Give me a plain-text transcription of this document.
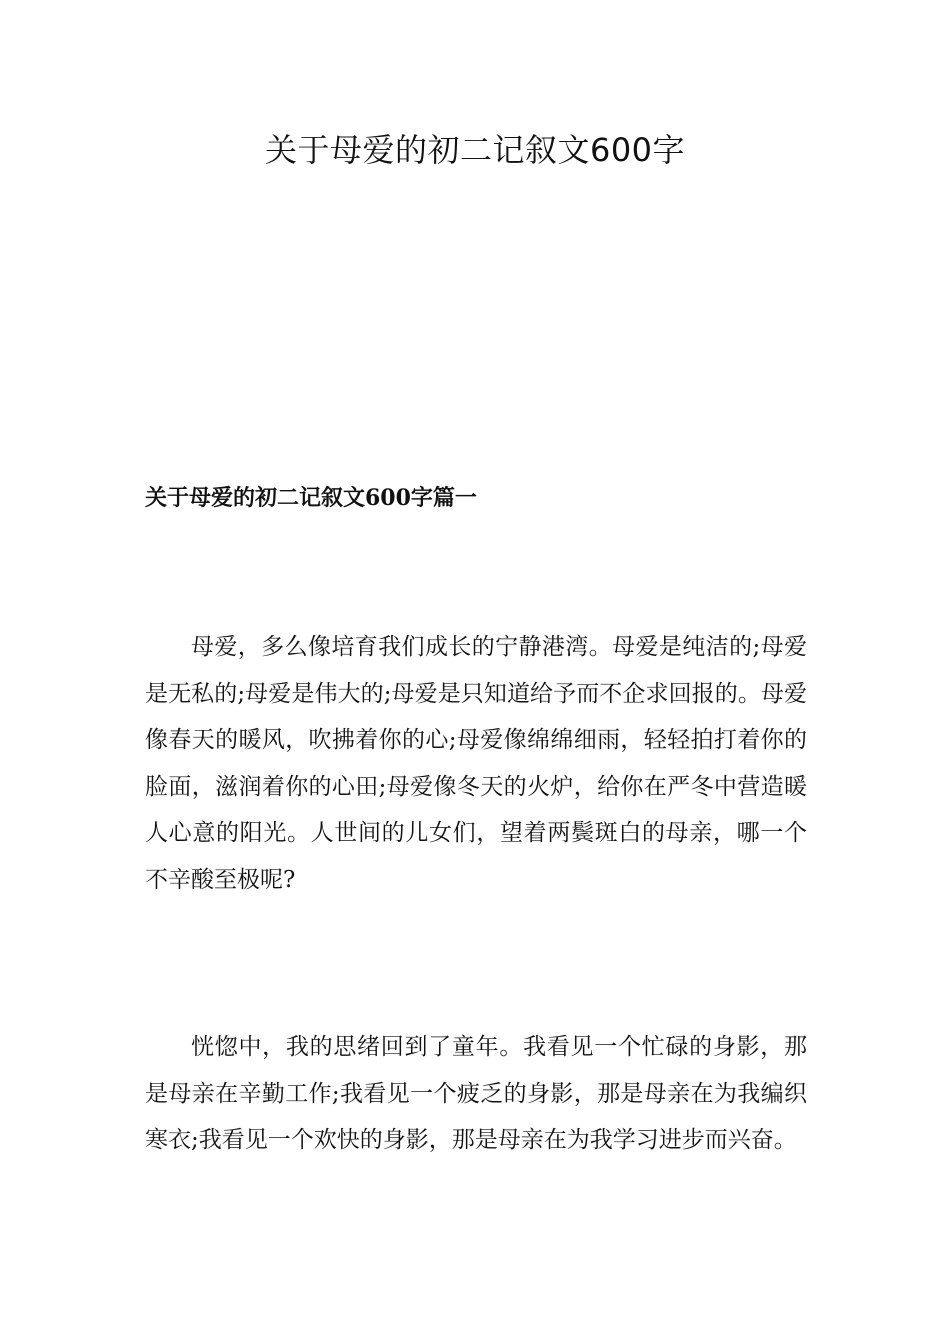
关于母爱的初二记叙文600字
关于母爱的初二记叙文600字篇一

母爱，多么像培育我们成长的宁静港湾。母爱是纯洁的;母爱是无私的;母爱是伟大的;母爱是只知道给予而不企求回报的。母爱像春天的暖风，吹拂着你的心;母爱像绵绵细雨，轻轻拍打着你的脸面，滋润着你的心田;母爱像冬天的火炉，给你在严冬中营造暖人心意的阳光。人世间的儿女们，望着两鬓斑白的母亲，哪一个不辛酸至极呢?

恍惚中，我的思绪回到了童年。我看见一个忙碌的身影，那是母亲在辛勤工作;我看见一个疲乏的身影，那是母亲在为我编织寒衣;我看见一个欢快的身影，那是母亲在为我学习进步而兴奋。
